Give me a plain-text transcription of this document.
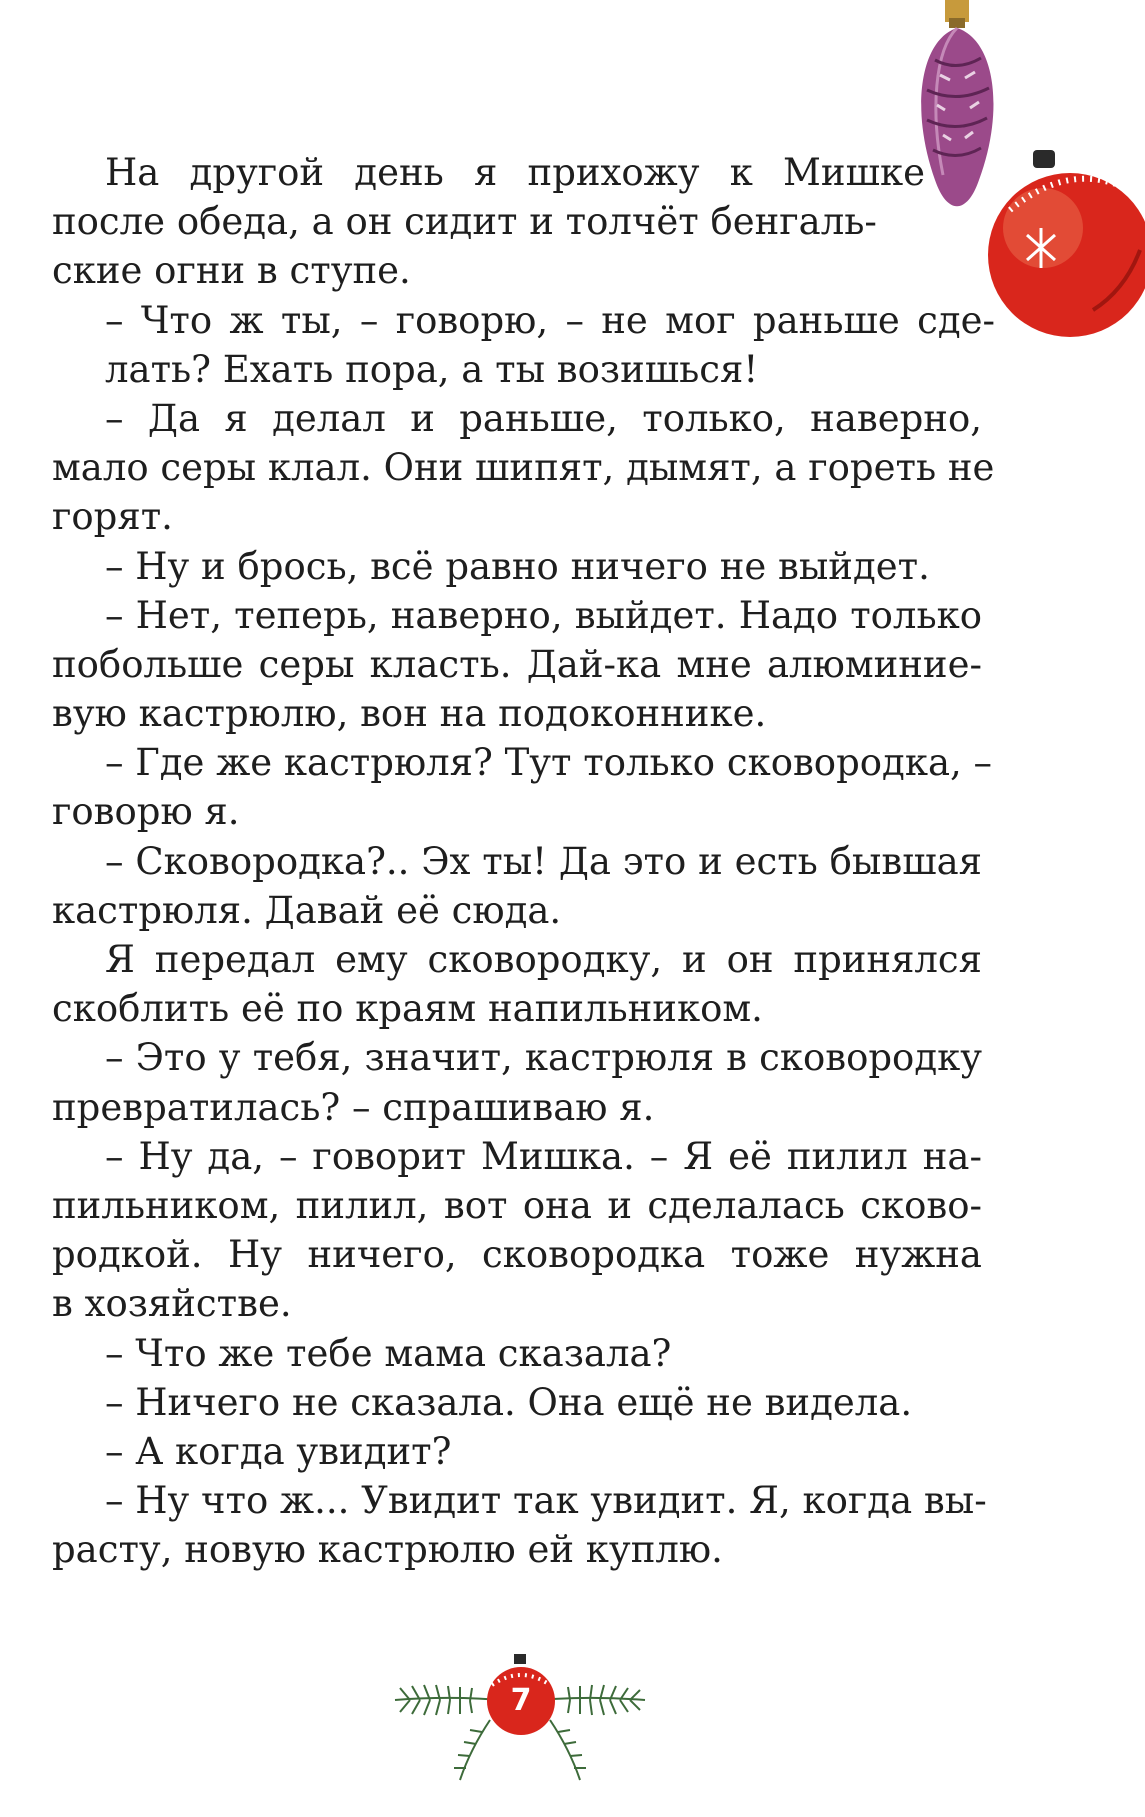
На другой день я прихожу к Мишке
после обеда, а он сидит и толчёт бенгаль-
ские огни в ступе.
– Что ж ты, – говорю, – не мог раньше сде-
лать? Ехать пора, а ты возишься!
– Да я делал и раньше, только, наверно,
мало серы клал. Они шипят, дымят, а гореть не
горят.
– Ну и брось, всё равно ничего не выйдет.
– Нет, теперь, наверно, выйдет. Надо только
побольше серы класть. Дай-ка мне алюминие-
вую кастрюлю, вон на подоконнике.
– Где же кастрюля? Тут только сковородка, –
говорю я.
– Сковородка?.. Эх ты! Да это и есть бывшая
кастрюля. Давай её сюда.
Я передал ему сковородку, и он принялся
скоблить её по краям напильником.
– Это у тебя, значит, кастрюля в сковородку
превратилась? – спрашиваю я.
– Ну да, – говорит Мишка. – Я её пилил на-
пильником, пилил, вот она и сделалась сково-
родкой. Ну ничего, сковородка тоже нужна
в хозяйстве.
– Что же тебе мама сказала?
– Ничего не сказала. Она ещё не видела.
– А когда увидит?
– Ну что ж... Увидит так увидит. Я, когда вы-
расту, новую кастрюлю ей куплю.
7
